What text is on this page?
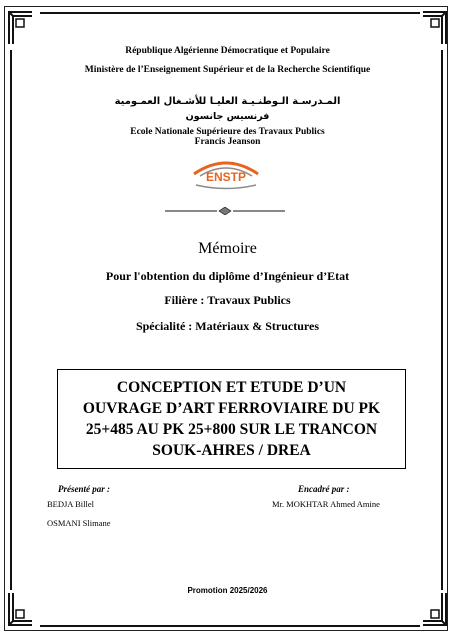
République Algérienne Démocratique et Populaire
Ministère de l’Enseignement Supérieur et de la Recherche Scientifique
المـدرسـة الـوطنـيـة العليـا للأشـغال العمـومية
فرنسيس جانسون
Ecole Nationale Supérieure des Travaux Publics
Francis Jeanson
ENSTP
Mémoire
Pour l'obtention du diplôme d’Ingénieur d’Etat
Filière : Travaux Publics
Spécialité : Matériaux & Structures
CONCEPTION ET ETUDE D’UN
OUVRAGE D’ART FERROVIAIRE DU PK
25+485 AU PK 25+800 SUR LE TRANCON
SOUK-AHRES / DREA
Présenté par :	Encadré par :
BEDJA Billel
OSMANI Slimane
Mr. MOKHTAR Ahmed Amine
Promotion 2025/2026
